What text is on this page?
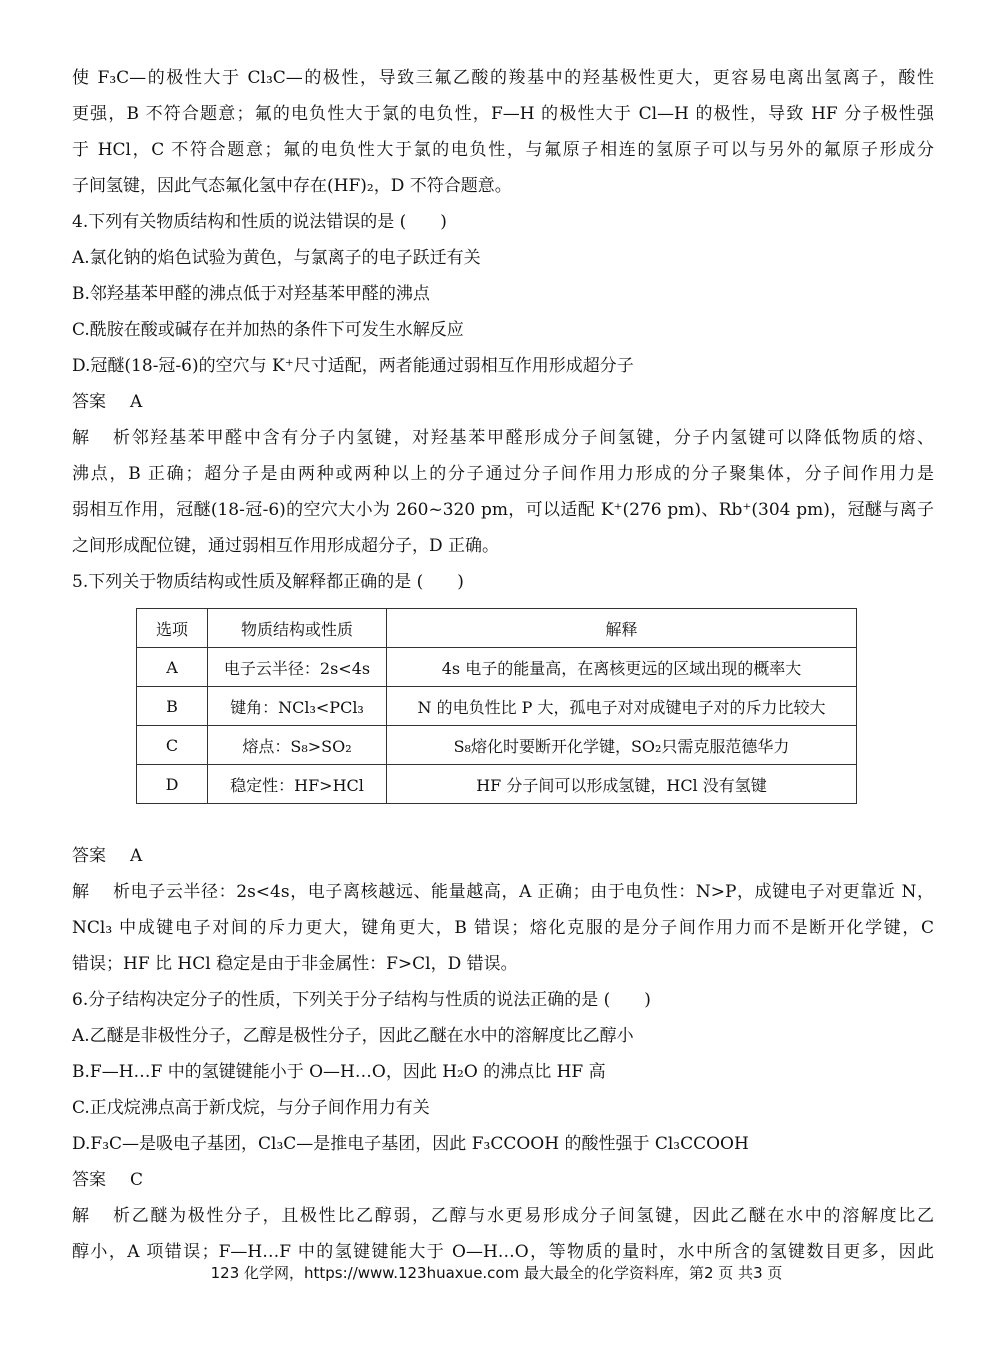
使 F₃C—的极性大于 Cl₃C—的极性，导致三氟乙酸的羧基中的羟基极性更大，更容易电离出氢离子，酸性

更强，B 不符合题意；氟的电负性大于氯的电负性，F—H 的极性大于 Cl—H 的极性，导致 HF 分子极性强

于 HCl，C 不符合题意；氟的电负性大于氯的电负性，与氟原子相连的氢原子可以与另外的氟原子形成分

子间氢键，因此气态氟化氢中存在(HF)₂，D 不符合题意。

4.下列有关物质结构和性质的说法错误的是 (　　)

A.氯化钠的焰色试验为黄色，与氯离子的电子跃迁有关

B.邻羟基苯甲醛的沸点低于对羟基苯甲醛的沸点

C.酰胺在酸或碱存在并加热的条件下可发生水解反应

D.冠醚(18-冠-6)的空穴与 K⁺尺寸适配，两者能通过弱相互作用形成超分子

答案 A

解析邻羟基苯甲醛中含有分子内氢键，对羟基苯甲醛形成分子间氢键，分子内氢键可以降低物质的熔、

沸点，B 正确；超分子是由两种或两种以上的分子通过分子间作用力形成的分子聚集体，分子间作用力是

弱相互作用，冠醚(18-冠-6)的空穴大小为 260~320 pm，可以适配 K⁺(276 pm)、Rb⁺(304 pm)，冠醚与离子

之间形成配位键，通过弱相互作用形成超分子，D 正确。

5.下列关于物质结构或性质及解释都正确的是 (　　)

选项	物质结构或性质	解释
A	电子云半径：2s<4s	4s 电子的能量高，在离核更远的区域出现的概率大
B	键角：NCl₃<PCl₃	N 的电负性比 P 大，孤电子对对成键电子对的斥力比较大
C	熔点：S₈>SO₂	S₈熔化时要断开化学键，SO₂只需克服范德华力
D	稳定性：HF>HCl	HF 分子间可以形成氢键，HCl 没有氢键

答案 A

解析电子云半径：2s<4s，电子离核越远、能量越高，A 正确；由于电负性：N>P，成键电子对更靠近 N，

NCl₃ 中成键电子对间的斥力更大，键角更大，B 错误；熔化克服的是分子间作用力而不是断开化学键，C

错误；HF 比 HCl 稳定是由于非金属性：F>Cl，D 错误。

6.分子结构决定分子的性质，下列关于分子结构与性质的说法正确的是 (　　)

A.乙醚是非极性分子，乙醇是极性分子，因此乙醚在水中的溶解度比乙醇小

B.F—H…F 中的氢键键能小于 O—H…O，因此 H₂O 的沸点比 HF 高

C.正戊烷沸点高于新戊烷，与分子间作用力有关

D.F₃C—是吸电子基团，Cl₃C—是推电子基团，因此 F₃CCOOH 的酸性强于 Cl₃CCOOH

答案 C

解析乙醚为极性分子，且极性比乙醇弱，乙醇与水更易形成分子间氢键，因此乙醚在水中的溶解度比乙

醇小，A 项错误；F—H…F 中的氢键键能大于 O—H…O，等物质的量时，水中所含的氢键数目更多，因此

123 化学网，https://www.123huaxue.com 最大最全的化学资料库，第2 页 共3 页
